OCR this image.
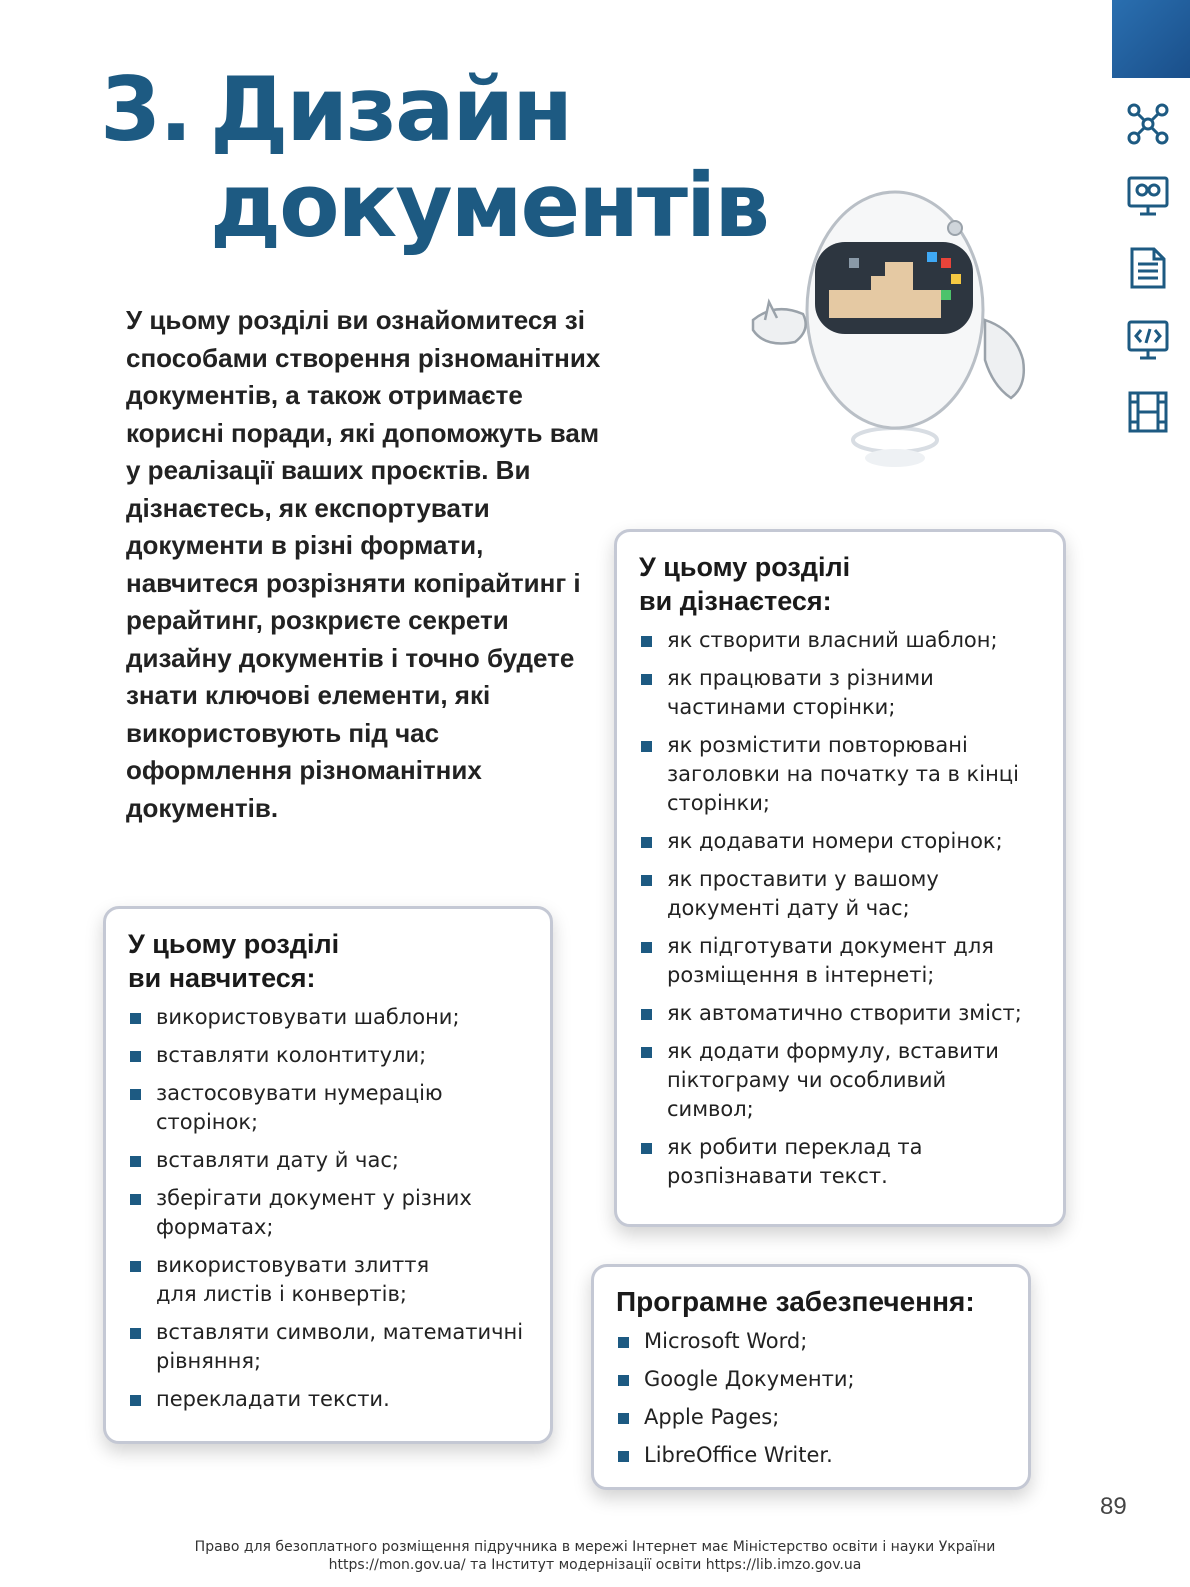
3. Дизайн
документів

У цьому розділі ви ознайомитеся зі способами створення різноманітних документів, а також отримаєте корисні поради, які допоможуть вам у реалізації ваших проєктів. Ви дізнаєтесь, як експортувати документи в різні формати, навчитеся розрізняти копірайтинг і рерайтинг, розкриєте секрети дизайну документів і точно будете знати ключові елементи, які використовують під час оформлення різноманітних документів.

У цьому розділі
ви навчитеся:
використовувати шаблони;
вставляти колонтитули;
застосовувати нумерацію сторінок;
вставляти дату й час;
зберігати документ у різних форматах;
використовувати злиття для листів і конвертів;
вставляти символи, математичні рівняння;
перекладати тексти.
У цьому розділі
ви дізнаєтеся:
як створити власний шаблон;
як працювати з різними частинами сторінки;
як розмістити повторювані заголовки на початку та в кінці сторінки;
як додавати номери сторінок;
як проставити у вашому документі дату й час;
як підготувати документ для розміщення в інтернеті;
як автоматично створити зміст;
як додати формулу, вставити піктограму чи особливий символ;
як робити переклад та розпізнавати текст.
Програмне забезпечення:
Microsoft Word;
Google Документи;
Apple Pages;
LibreOffice Writer.
89
Право для безоплатного розміщення підручника в мережі Інтернет має Міністерство освіти і науки України
https://mon.gov.ua/ та Інститут модернізації освіти https://lib.imzo.gov.ua
